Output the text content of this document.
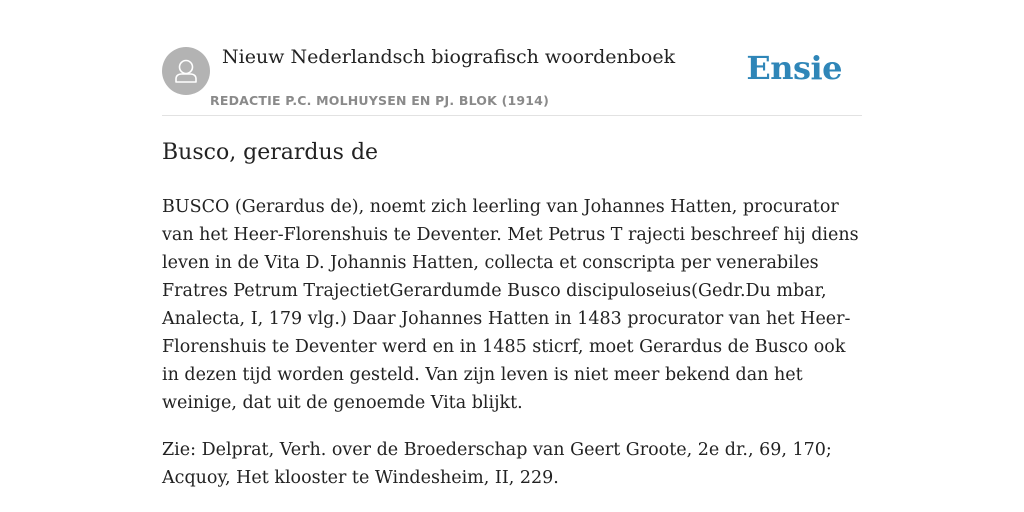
Nieuw Nederlandsch biografisch woordenboek
REDACTIE P.C. MOLHUYSEN EN PJ. BLOK (1914)
Ensie
Busco, gerardus de

BUSCO (Gerardus de), noemt zich leerling van Johannes Hatten, procurator van het Heer-Florenshuis te Deventer. Met Petrus T rajecti beschreef hij diens leven in de Vita D. Johannis Hatten, collecta et conscripta per venerabiles Fratres Petrum TrajectietGerardumde Busco discipuloseius(Gedr.Du mbar, Analecta, I, 179 vlg.) Daar Johannes Hatten in 1483 procurator van het Heer-Florenshuis te Deventer werd en in 1485 sticrf, moet Gerardus de Busco ook in dezen tijd worden gesteld. Van zijn leven is niet meer bekend dan het weinige, dat uit de genoemde Vita blijkt.

Zie: Delprat, Verh. over de Broederschap van Geert Groote, 2e dr., 69, 170; Acquoy, Het klooster te Windesheim, II, 229.
